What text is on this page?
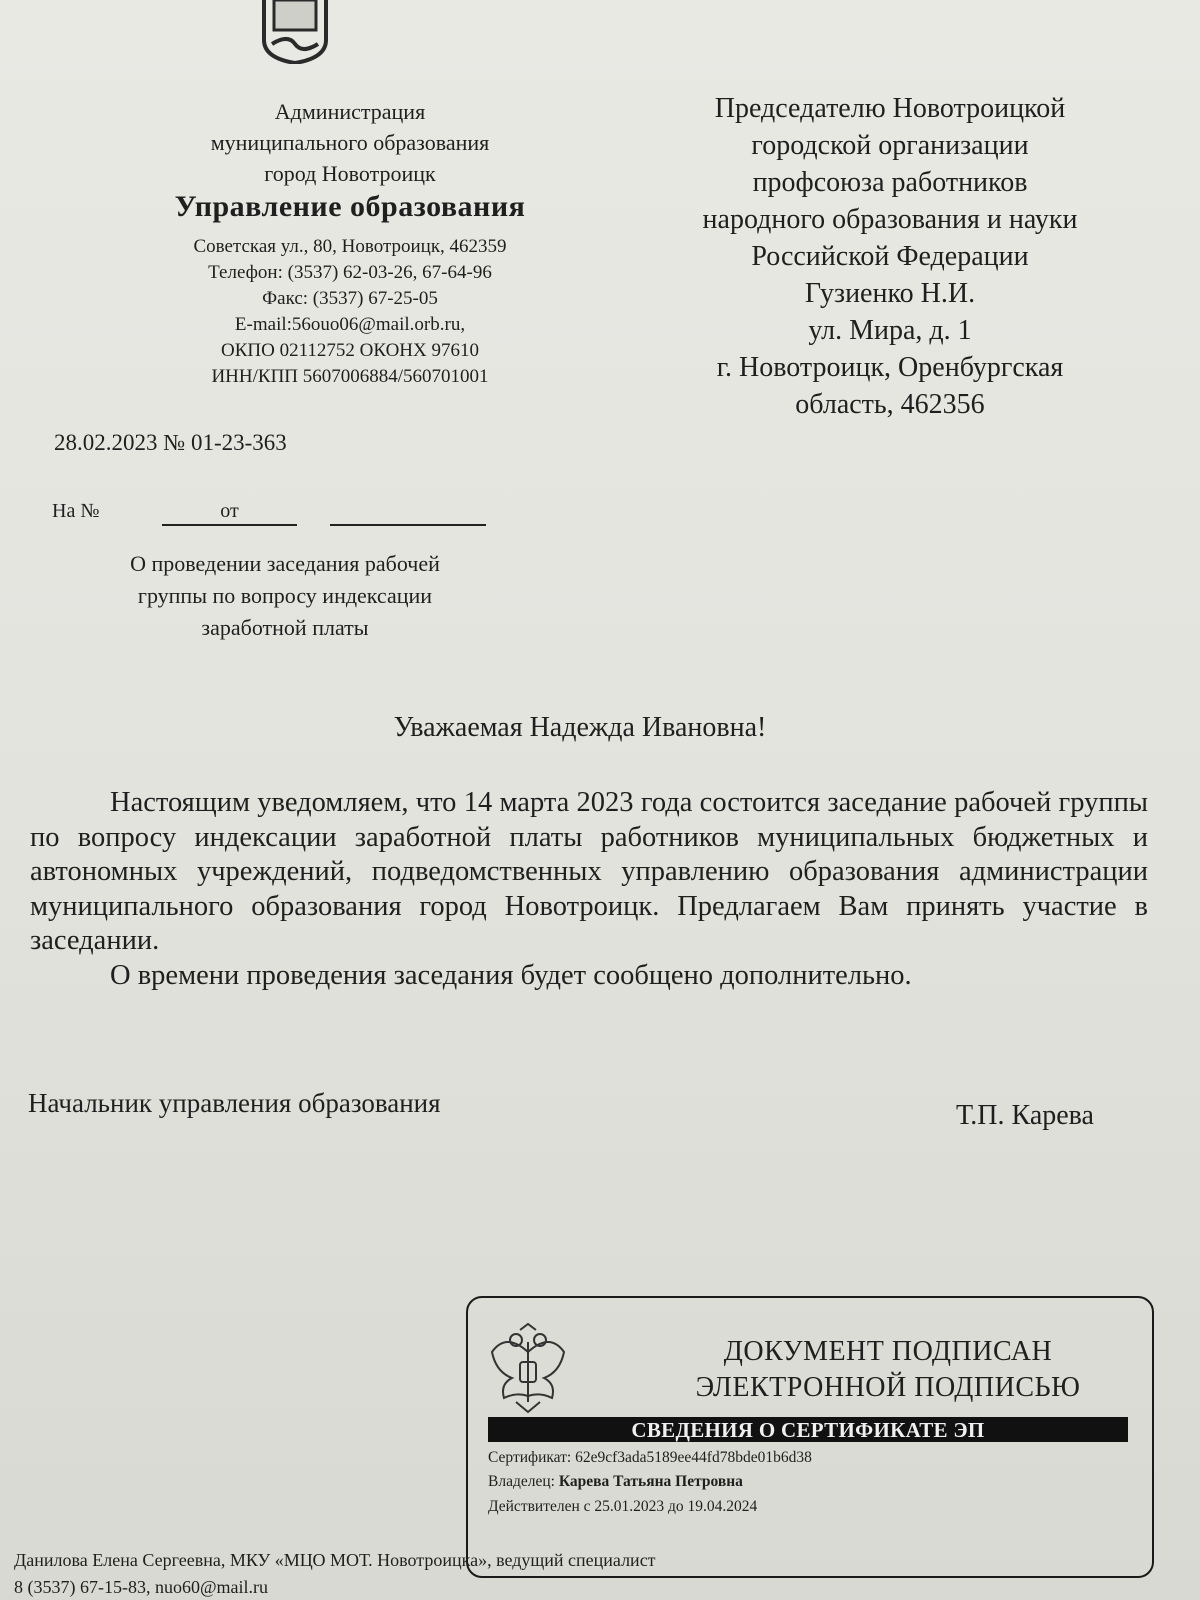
Администрация
муниципального образования
город Новотроицк
Управление образования
Советская ул., 80, Новотроицк, 462359
Телефон: (3537) 62-03-26, 67-64-96
Факс: (3537) 67-25-05
E-mail:56ouo06@mail.orb.ru,
ОКПО 02112752 ОКОНХ 97610
ИНН/КПП 5607006884/560701001
Председателю Новотроицкой
городской организации
профсоюза работников
народного образования и науки
Российской Федерации
Гузиенко Н.И.
ул. Мира, д. 1
г. Новотроицк, Оренбургская
область, 462356
28.02.2023 № 01-23-363
На №	от
О проведении заседания рабочей
группы по вопросу индексации
заработной платы
Уважаемая Надежда Ивановна!

Настоящим уведомляем, что 14 марта 2023 года состоится заседание рабочей группы по вопросу индексации заработной платы работников муниципальных бюджетных и автономных учреждений, подведомственных управлению образования администрации муниципального образования город Новотроицк. Предлагаем Вам принять участие в заседании.

О времени проведения заседания будет сообщено дополнительно.

Начальник управления образования	Т.П. Карева
ДОКУМЕНТ ПОДПИСАН
ЭЛЕКТРОННОЙ ПОДПИСЬЮ
СВЕДЕНИЯ О СЕРТИФИКАТЕ ЭП
Сертификат: 62e9cf3ada5189ee44fd78bde01b6d38
Владелец: Карева Татьяна Петровна
Действителен с 25.01.2023 до 19.04.2024
Данилова Елена Сергеевна, МКУ «МЦО МОТ. Новотроицка», ведущий специалист
8 (3537) 67-15-83, nuo60@mail.ru
